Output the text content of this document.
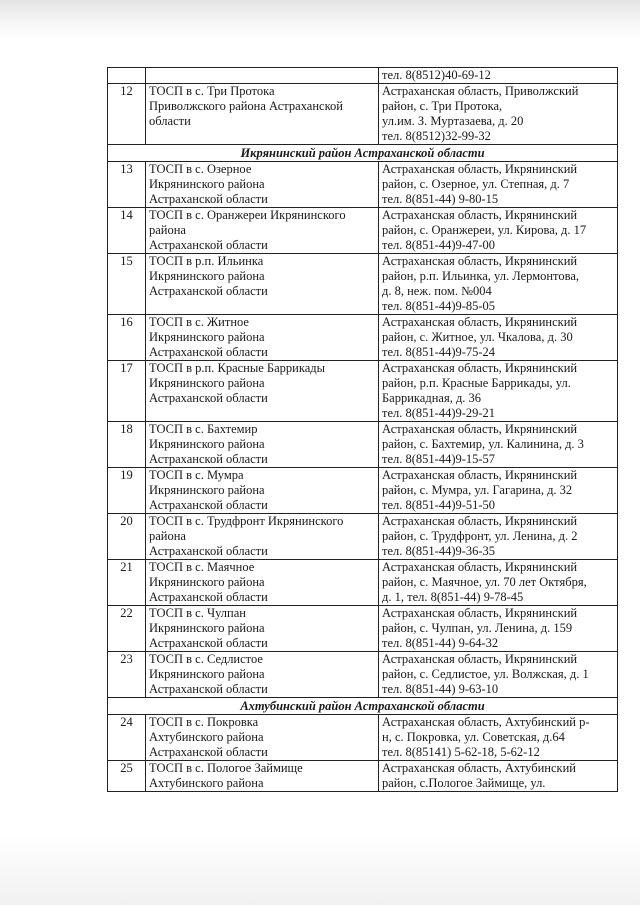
		тел. 8(8512)40-69-12
12	ТОСП в с. Три Протока
Приволжского района Астраханской
области	Астраханская область, Приволжский
район, с. Три Протока,
ул.им. З. Муртазаева, д. 20
тел. 8(8512)32-99-32
Икрянинский район Астраханской области		
13	ТОСП в с. Озерное
Икрянинского района
Астраханской области	Астраханская область, Икрянинский
район, с. Озерное, ул. Степная, д. 7
тел. 8(851-44) 9-80-15
14	ТОСП в с. Оранжереи Икрянинского
района
Астраханской области	Астраханская область, Икрянинский
район, с. Оранжереи, ул. Кирова, д. 17
тел. 8(851-44)9-47-00
15	ТОСП в р.п. Ильинка
Икрянинского района
Астраханской области	Астраханская область, Икрянинский
район, р.п. Ильинка, ул. Лермонтова,
д. 8, неж. пом. №004
тел. 8(851-44)9-85-05
16	ТОСП в с. Житное
Икрянинского района
Астраханской области	Астраханская область, Икрянинский
район, с. Житное, ул. Чкалова, д. 30
тел. 8(851-44)9-75-24
17	ТОСП в р.п. Красные Баррикады
Икрянинского района
Астраханской области	Астраханская область, Икрянинский
район, р.п. Красные Баррикады, ул.
Баррикадная, д. 36
тел. 8(851-44)9-29-21
18	ТОСП в с. Бахтемир
Икрянинского района
Астраханской области	Астраханская область, Икрянинский
район, с. Бахтемир, ул. Калинина, д. 3
тел. 8(851-44)9-15-57
19	ТОСП в с. Мумра
Икрянинского района
Астраханской области	Астраханская область, Икрянинский
район, с. Мумра, ул. Гагарина, д. 32
тел. 8(851-44)9-51-50
20	ТОСП в с. Трудфронт Икрянинского
района
Астраханской области	Астраханская область, Икрянинский
район, с. Трудфронт, ул. Ленина, д. 2
тел. 8(851-44)9-36-35
21	ТОСП в с. Маячное
Икрянинского района
Астраханской области	Астраханская область, Икрянинский
район, с. Маячное, ул. 70 лет Октября,
д. 1, тел. 8(851-44) 9-78-45
22	ТОСП в с. Чулпан
Икрянинского района
Астраханской области	Астраханская область, Икрянинский
район, с. Чулпан, ул. Ленина, д. 159
тел. 8(851-44) 9-64-32
23	ТОСП в с. Седлистое
Икрянинского района
Астраханской области	Астраханская область, Икрянинский
район, с. Седлистое, ул. Волжская, д. 1
тел. 8(851-44) 9-63-10
Ахтубинский район Астраханской области		
24	ТОСП в с. Покровка
Ахтубинского района
Астраханской области	Астраханская область, Ахтубинский р-
н, с. Покровка, ул. Советская, д.64
тел. 8(85141) 5-62-18, 5-62-12
25	ТОСП в с. Пологое Займище
Ахтубинского района	Астраханская область, Ахтубинский
район, с.Пологое Займище, ул.
